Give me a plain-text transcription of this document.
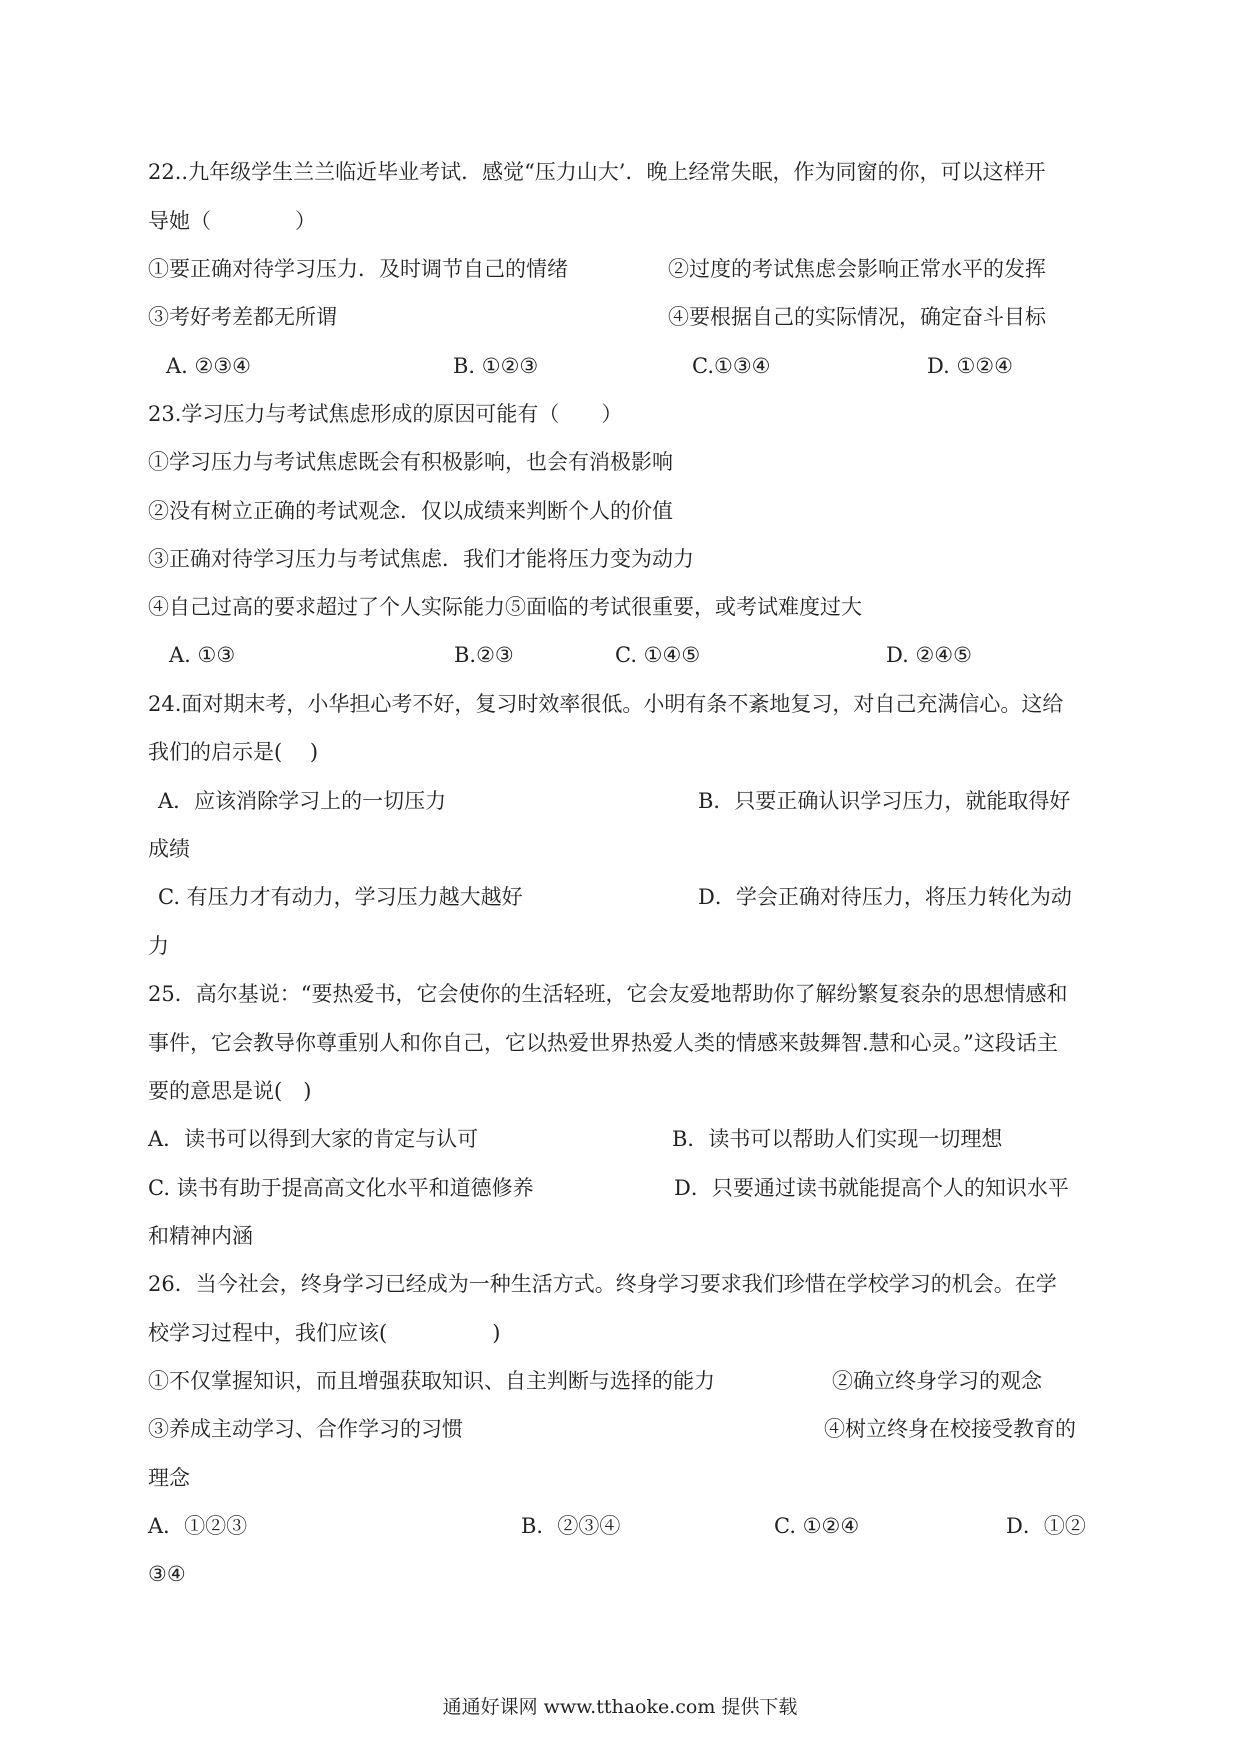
22..九年级学生兰兰临近毕业考试．感觉“压力山大’．晚上经常失眠，作为同窗的你，可以这样开
导她（　　　　）
①要正确对待学习压力．及时调节自己的情绪	②过度的考试焦虑会影响正常水平的发挥
③考好考差都无所谓	④要根据自己的实际情况，确定奋斗目标
A. ②③④	B. ①②③	C.①③④	D. ①②④
23.学习压力与考试焦虑形成的原因可能有（　　）
①学习压力与考试焦虑既会有积极影响，也会有消极影响
②没有树立正确的考试观念．仅以成绩来判断个人的价值
③正确对待学习压力与考试焦虑．我们才能将压力变为动力
④自己过高的要求超过了个人实际能力⑤面临的考试很重要，或考试难度过大
A. ①③	B.②③	C. ①④⑤	D. ②④⑤
24.面对期末考，小华担心考不好，复习时效率很低。小明有条不紊地复习，对自己充满信心。这给
我们的启示是(　 )
A．应该消除学习上的一切压力	B．只要正确认识学习压力，就能取得好
成绩
C. 有压力才有动力，学习压力越大越好	D．学会正确对待压力，将压力转化为动
力
25．高尔基说：“要热爱书，它会使你的生活轻班，它会友爱地帮助你了解纷繁复衮杂的思想情感和
事件，它会教导你尊重别人和你自己，它以热爱世界热爱人类的情感来鼓舞智.慧和心灵。”这段话主
要的意思是说(　)
A．读书可以得到大家的肯定与认可	B．读书可以帮助人们实现一切理想
C. 读书有助于提高高文化水平和道德修养	D．只要通过读书就能提高个人的知识水平
和精神内涵
26．当今社会，终身学习已经成为一种生活方式。终身学习要求我们珍惜在学校学习的机会。在学
校学习过程中，我们应该(　　　　　)
①不仅掌握知识，而且增强获取知识、自主判断与选择的能力	②确立终身学习的观念
③养成主动学习、合作学习的习惯	④树立终身在校接受教育的
理念
A．①②③	B．②③④	C. ①②④	D．①②
③④
通通好课网 www.tthaoke.com 提供下载
